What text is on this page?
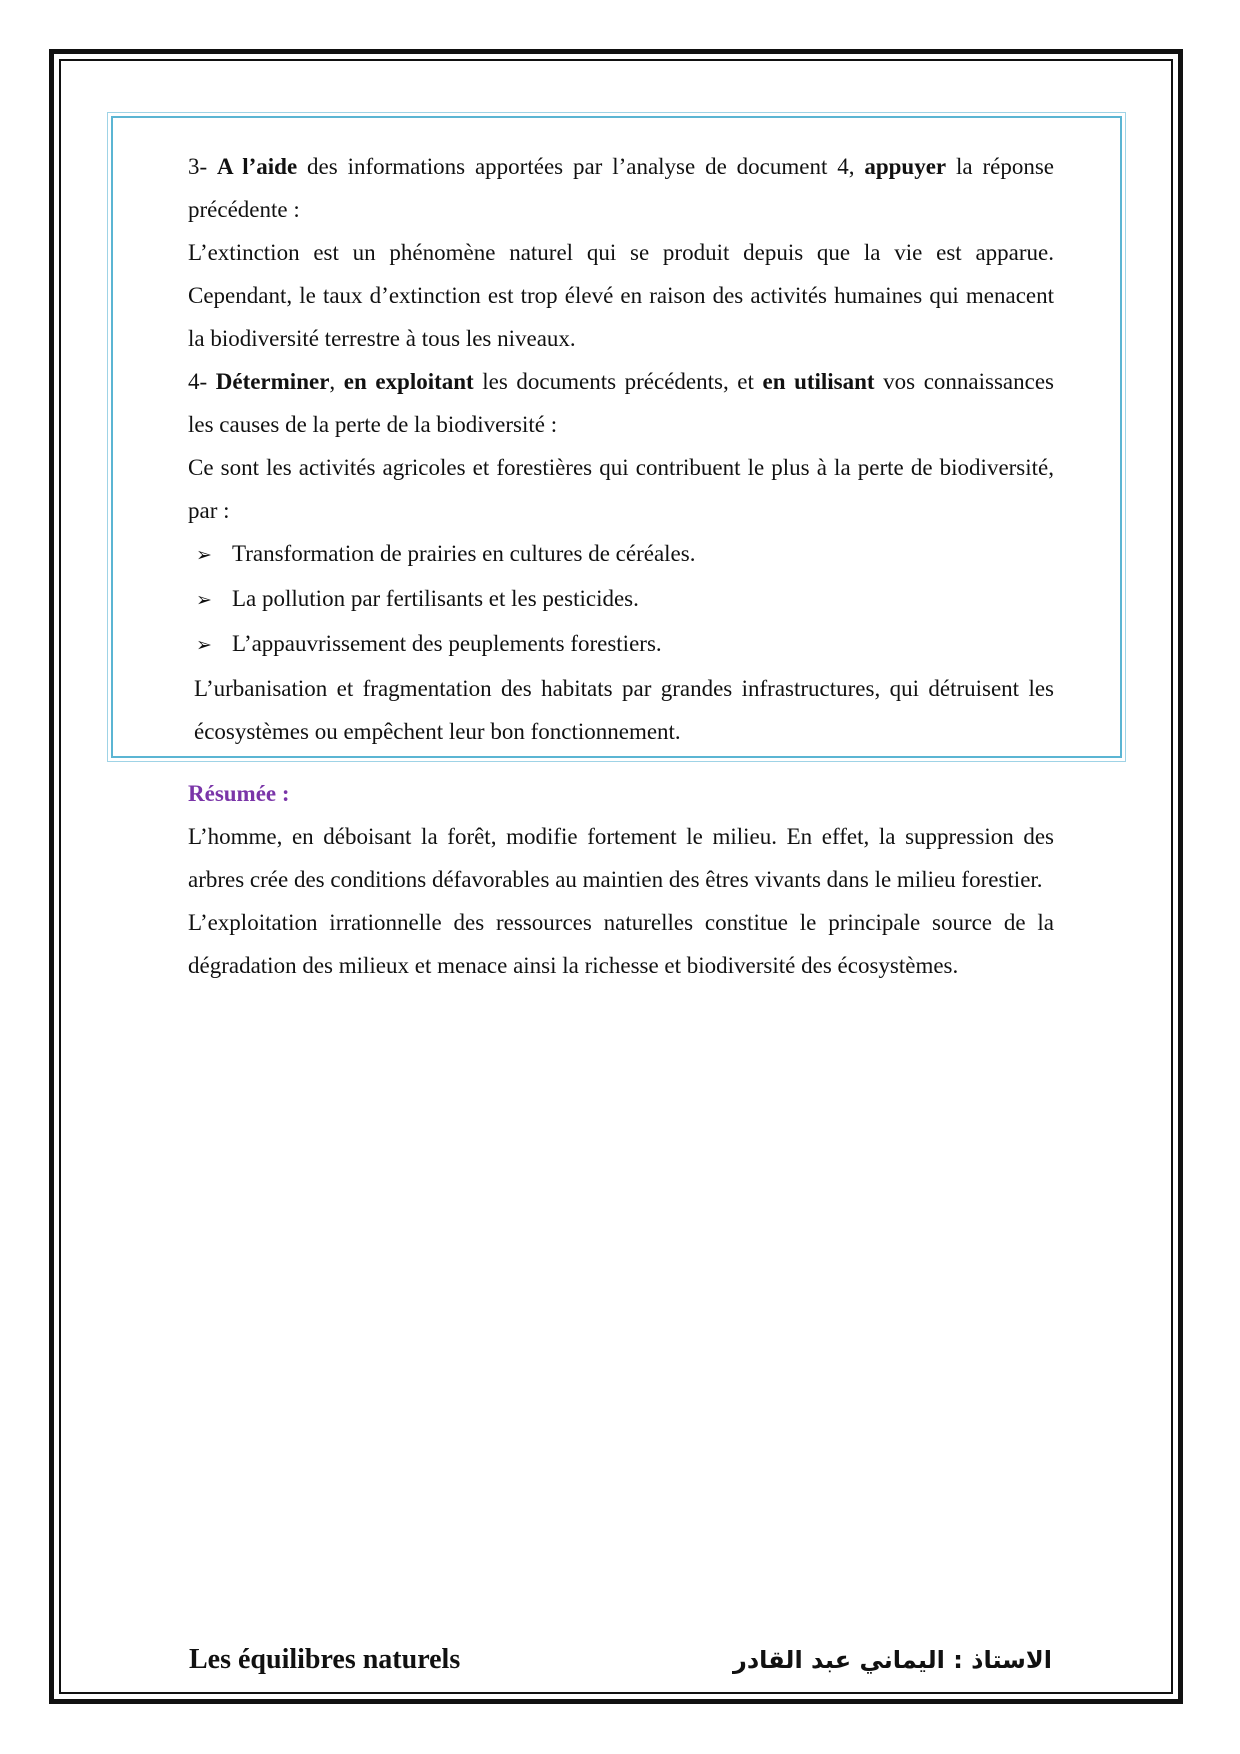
3- A l’aide des informations apportées par l’analyse de document 4, appuyer la réponse précédente :

L’extinction est un phénomène naturel qui se produit depuis que la vie est apparue. Cependant, le taux d’extinction est trop élevé en raison des activités humaines qui menacent la biodiversité terrestre à tous les niveaux.

4- Déterminer, en exploitant les documents précédents, et en utilisant vos connaissances les causes de la perte de la biodiversité :

Ce sont les activités agricoles et forestières qui contribuent le plus à la perte de biodiversité, par :

➢ Transformation de prairies en cultures de céréales.
➢ La pollution par fertilisants et les pesticides.
➢ L’appauvrissement des peuplements forestiers.

L’urbanisation et fragmentation des habitats par grandes infrastructures, qui détruisent les écosystèmes ou empêchent leur bon fonctionnement.

Résumée :

L’homme, en déboisant la forêt, modifie fortement le milieu. En effet, la suppression des arbres crée des conditions défavorables au maintien des êtres vivants dans le milieu forestier.

L’exploitation irrationnelle des ressources naturelles constitue le principale source de la dégradation des milieux et menace ainsi la richesse et biodiversité des écosystèmes.

Les équilibres naturels	الاستاذ : اليماني عبد القادر
